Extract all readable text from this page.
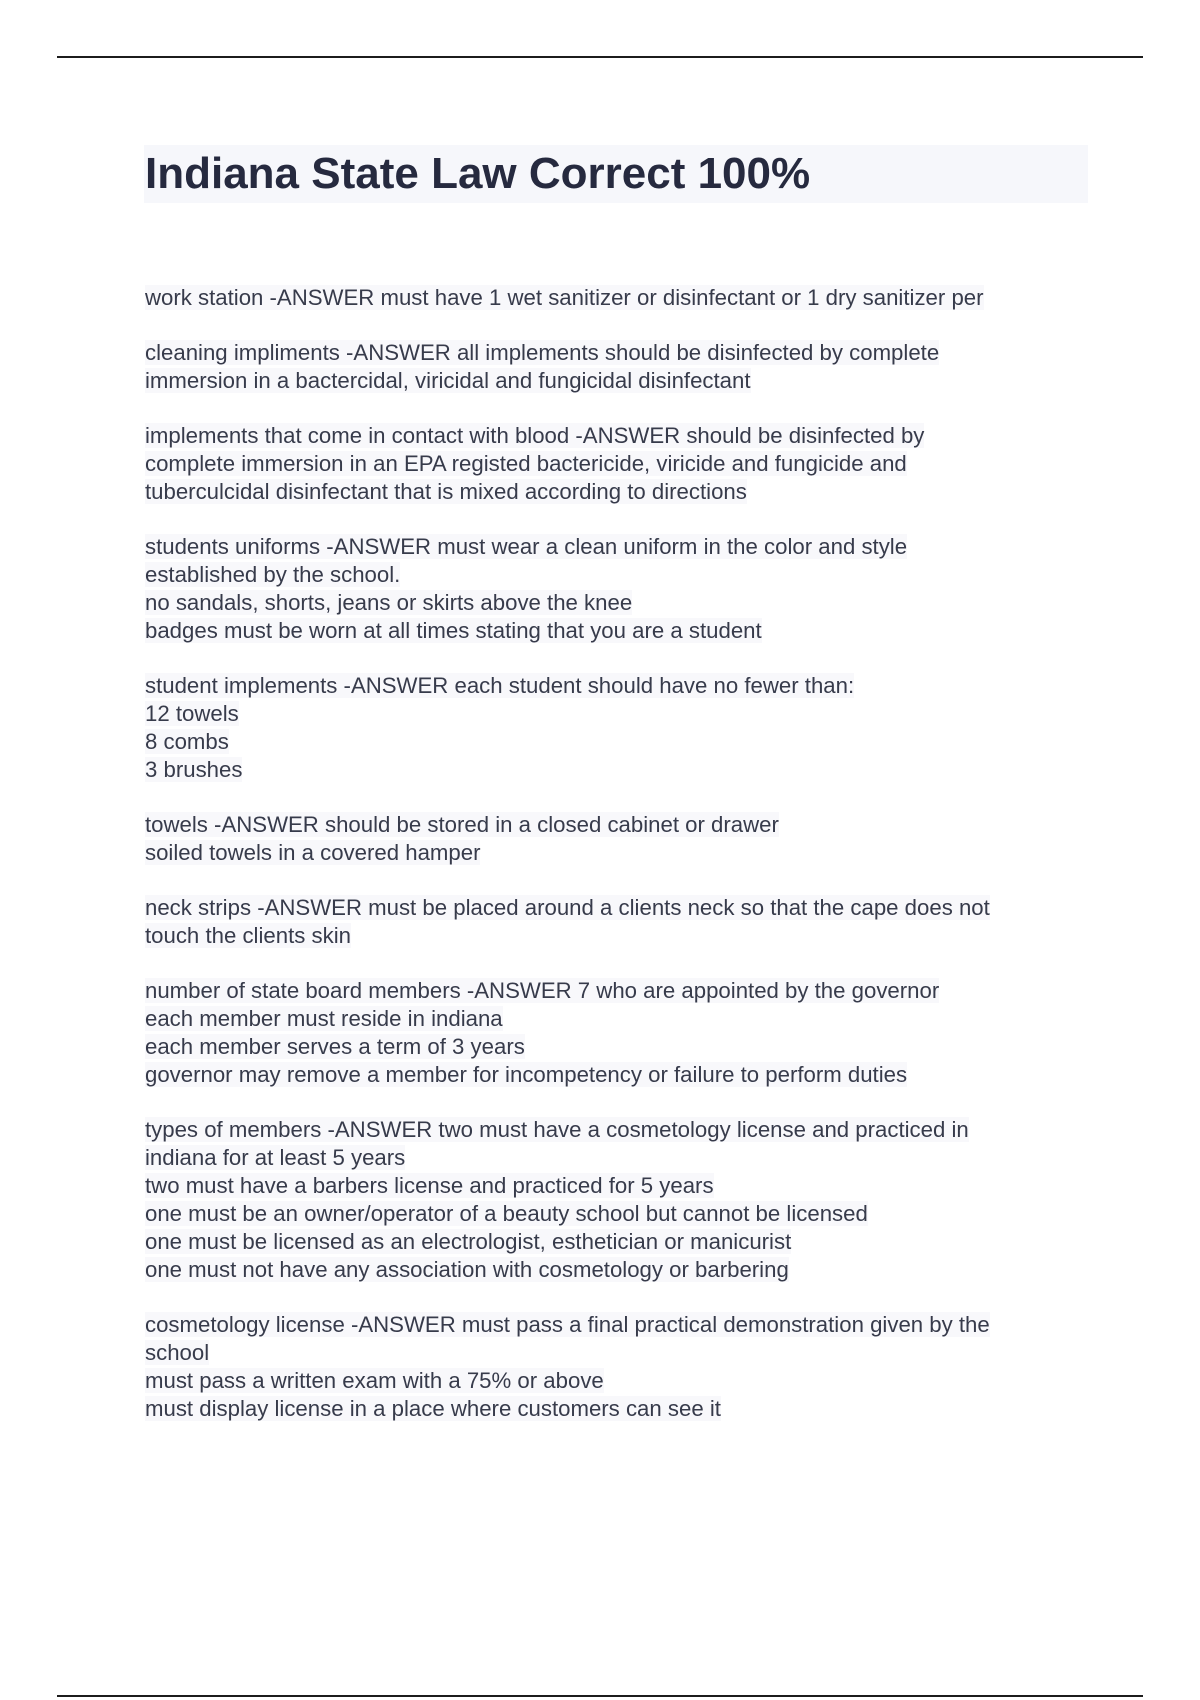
Indiana State Law Correct 100%
work station -ANSWER must have 1 wet sanitizer or disinfectant or 1 dry sanitizer per
cleaning impliments -ANSWER all implements should be disinfected by complete
immersion in a bactercidal, viricidal and fungicidal disinfectant
implements that come in contact with blood -ANSWER should be disinfected by
complete immersion in an EPA registed bactericide, viricide and fungicide and
tuberculcidal disinfectant that is mixed according to directions
students uniforms -ANSWER must wear a clean uniform in the color and style
established by the school.
no sandals, shorts, jeans or skirts above the knee
badges must be worn at all times stating that you are a student
student implements -ANSWER each student should have no fewer than:
12 towels
8 combs
3 brushes
towels -ANSWER should be stored in a closed cabinet or drawer
soiled towels in a covered hamper
neck strips -ANSWER must be placed around a clients neck so that the cape does not
touch the clients skin
number of state board members -ANSWER 7 who are appointed by the governor
each member must reside in indiana
each member serves a term of 3 years
governor may remove a member for incompetency or failure to perform duties
types of members -ANSWER two must have a cosmetology license and practiced in
indiana for at least 5 years
two must have a barbers license and practiced for 5 years
one must be an owner/operator of a beauty school but cannot be licensed
one must be licensed as an electrologist, esthetician or manicurist
one must not have any association with cosmetology or barbering
cosmetology license -ANSWER must pass a final practical demonstration given by the
school
must pass a written exam with a 75% or above
must display license in a place where customers can see it
